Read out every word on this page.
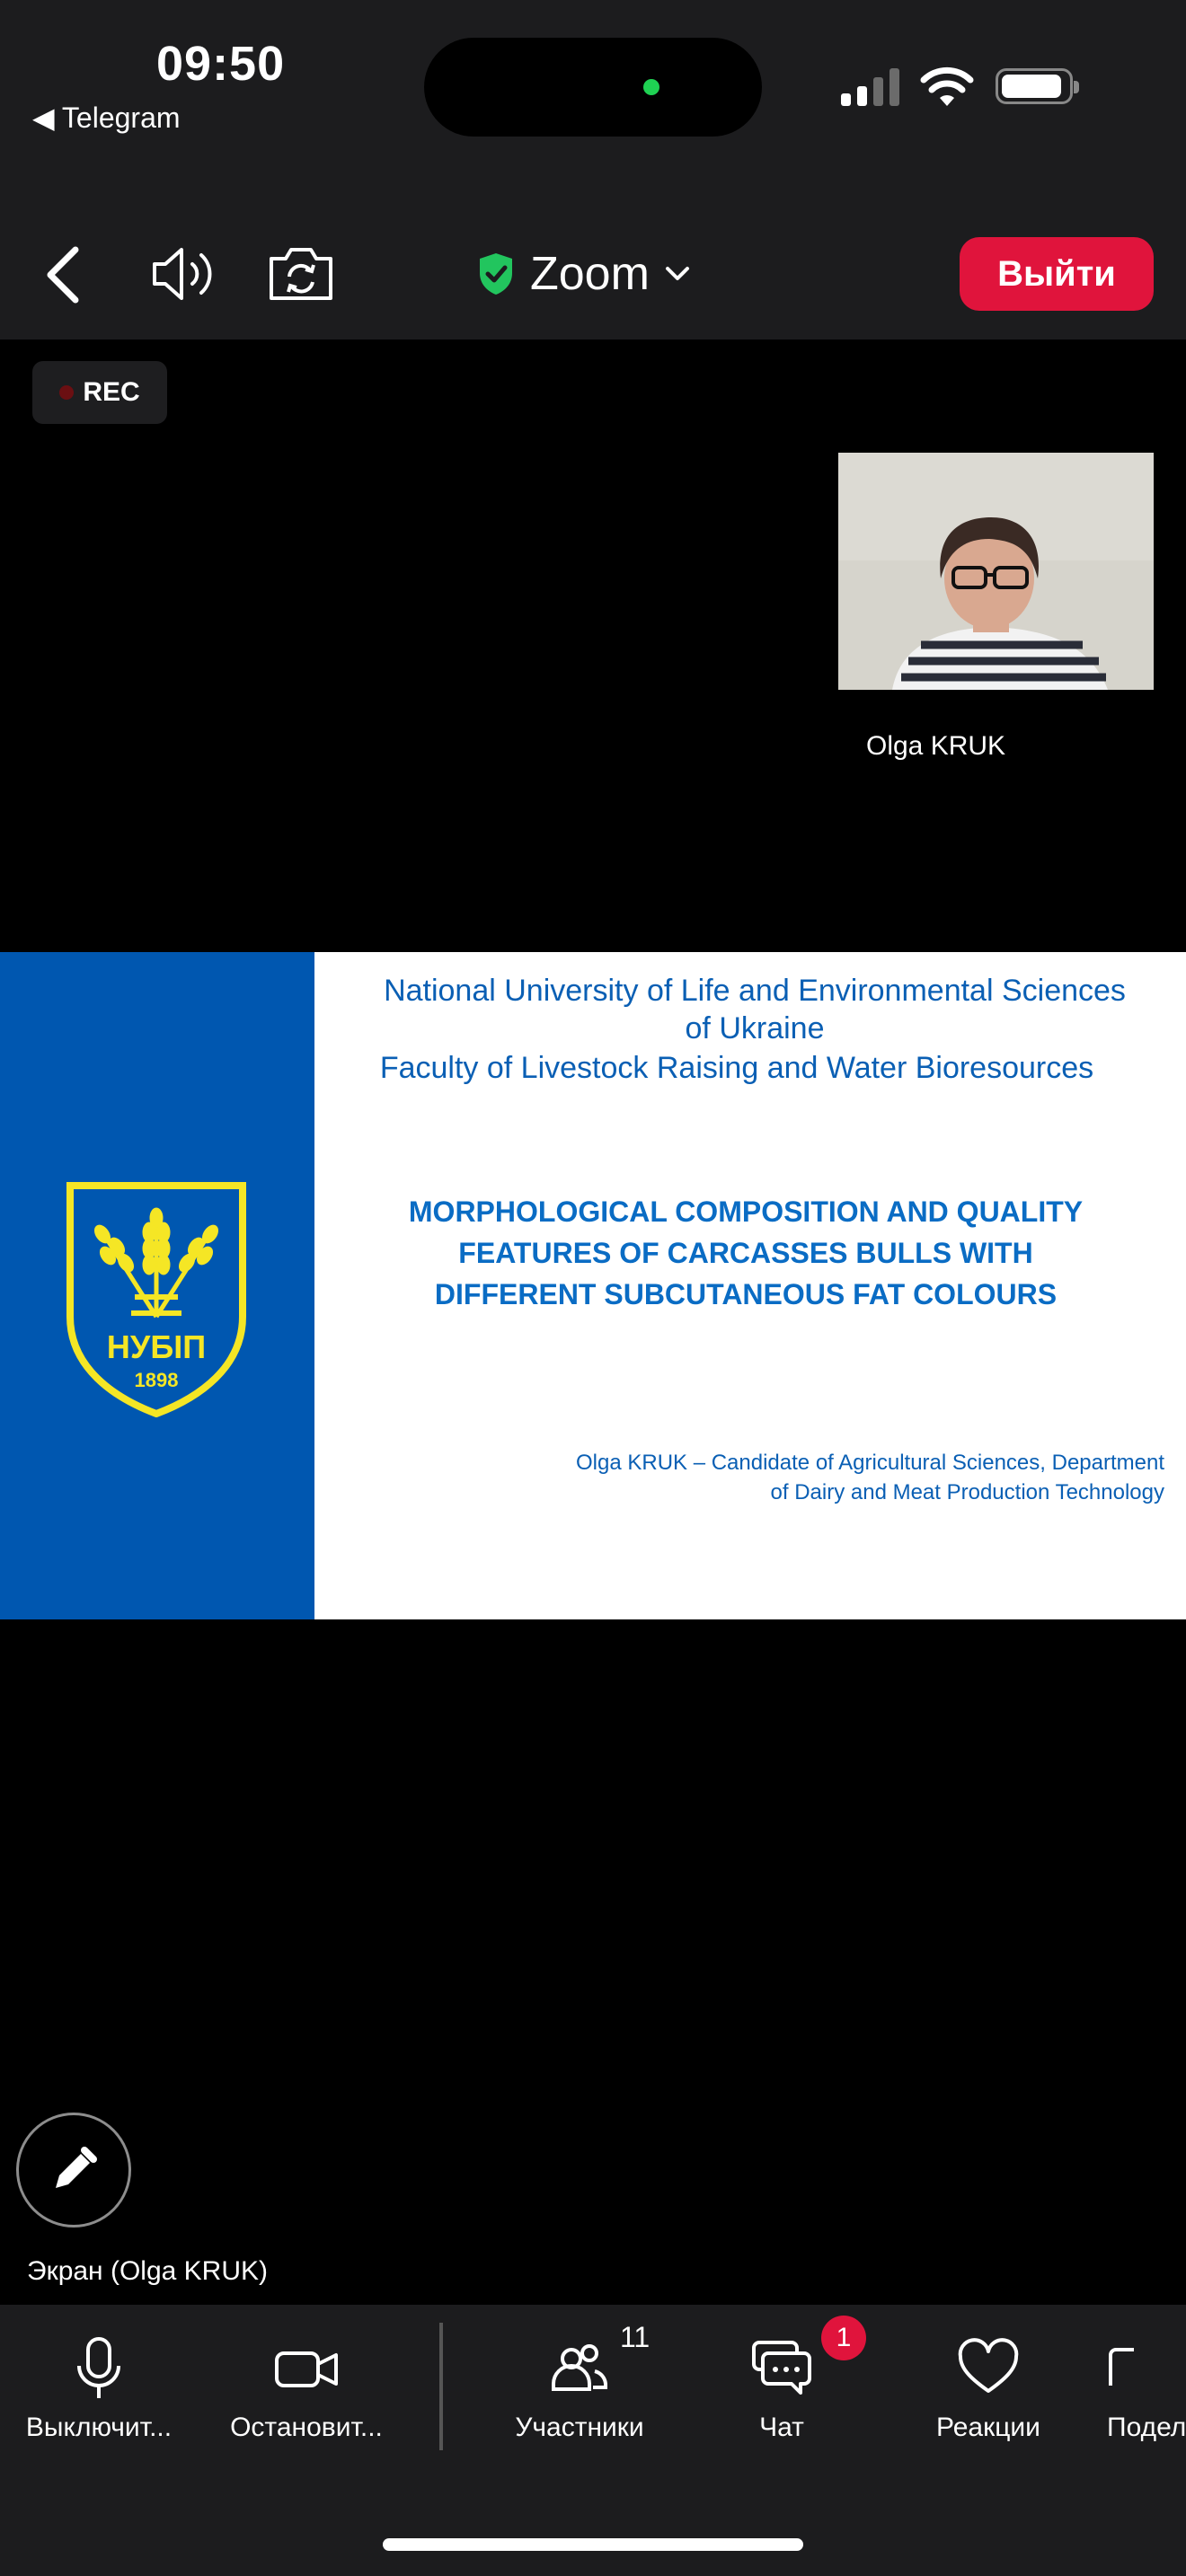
09:50
◀ Telegram
Zoom	Выйти
REC
Olga KRUK
НУБІП
1898
National University of Life and Environmental Sciences
of Ukraine
Faculty of Livestock Raising and Water Bioresources
MORPHOLOGICAL COMPOSITION AND QUALITY
FEATURES OF CARCASSES BULLS WITH
DIFFERENT SUBCUTANEOUS FAT COLOURS
Olga KRUK – Candidate of Agricultural Sciences, Department
of Dairy and Meat Production Technology
Экран (Olga KRUK)
Выключит... Остановит...	Участники
11
Чат
1
Реакции Подел
